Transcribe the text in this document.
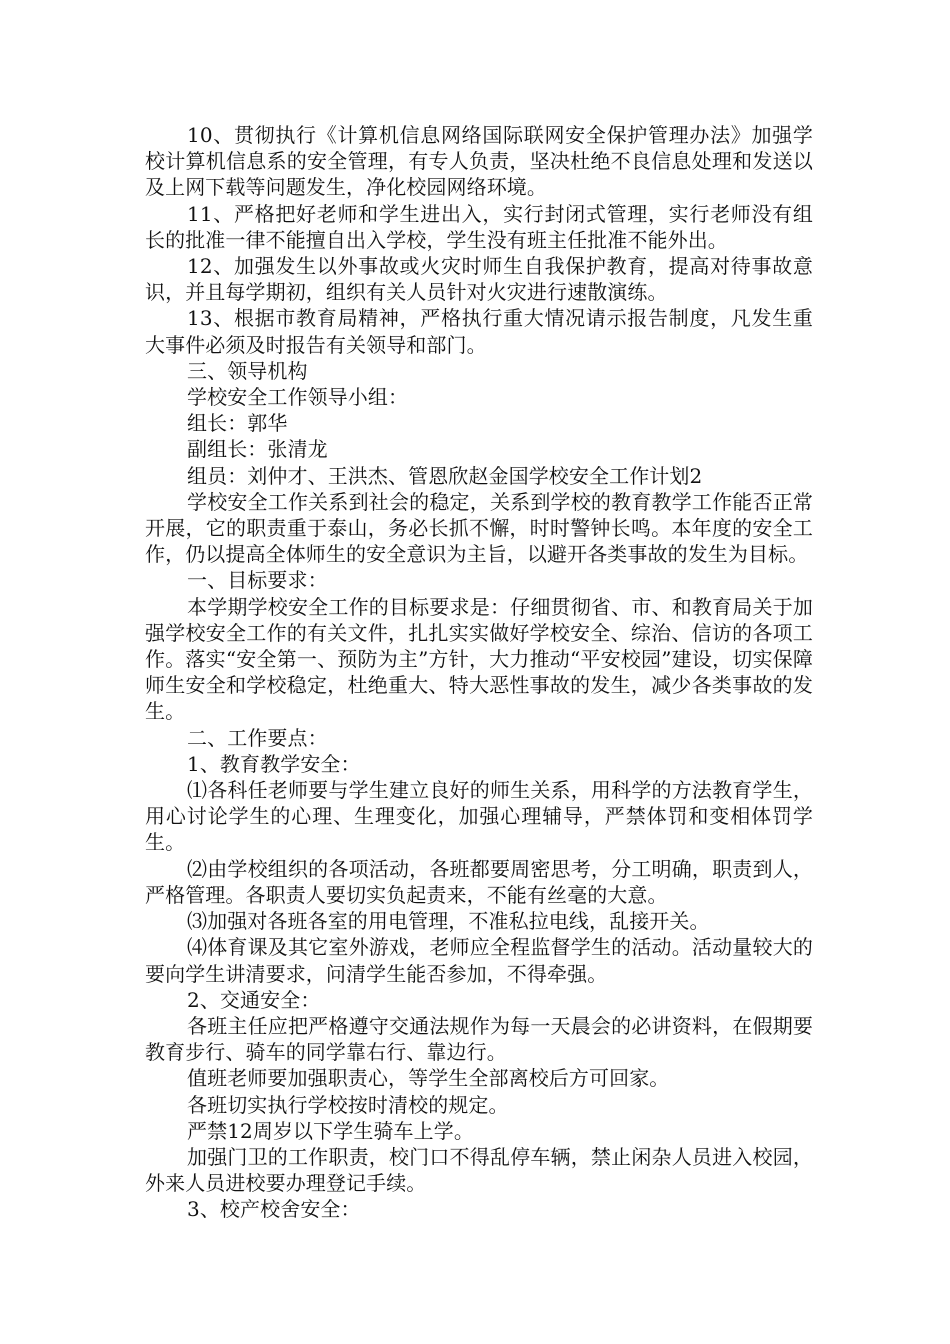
10、贯彻执行《计算机信息网络国际联网安全保护管理办法》加强学校计算机信息系的安全管理，有专人负责，坚决杜绝不良信息处理和发送以及上网下载等问题发生，净化校园网络环境。

11、严格把好老师和学生进出入，实行封闭式管理，实行老师没有组长的批准一律不能擅自出入学校，学生没有班主任批准不能外出。

12、加强发生以外事故或火灾时师生自我保护教育，提高对待事故意识，并且每学期初，组织有关人员针对火灾进行速散演练。

13、根据市教育局精神，严格执行重大情况请示报告制度，凡发生重大事件必须及时报告有关领导和部门。

三、领导机构

学校安全工作领导小组：

组长：郭华

副组长：张清龙

组员：刘仲才、王洪杰、管恩欣赵金国学校安全工作计划2

学校安全工作关系到社会的稳定，关系到学校的教育教学工作能否正常开展，它的职责重于泰山，务必长抓不懈，时时警钟长鸣。本年度的安全工作，仍以提高全体师生的安全意识为主旨，以避开各类事故的发生为目标。

一、目标要求：

本学期学校安全工作的目标要求是：仔细贯彻省、市、和教育局关于加强学校安全工作的有关文件，扎扎实实做好学校安全、综治、信访的各项工作。落实“安全第一、预防为主”方针，大力推动“平安校园”建设，切实保障师生安全和学校稳定，杜绝重大、特大恶性事故的发生，减少各类事故的发生。

二、工作要点：

1、教育教学安全：

⑴各科任老师要与学生建立良好的师生关系，用科学的方法教育学生，用心讨论学生的心理、生理变化，加强心理辅导，严禁体罚和变相体罚学生。

⑵由学校组织的各项活动，各班都要周密思考，分工明确，职责到人，严格管理。各职责人要切实负起责来，不能有丝毫的大意。

⑶加强对各班各室的用电管理，不准私拉电线，乱接开关。

⑷体育课及其它室外游戏，老师应全程监督学生的活动。活动量较大的要向学生讲清要求，问清学生能否参加，不得牵强。

2、交通安全：

各班主任应把严格遵守交通法规作为每一天晨会的必讲资料，在假期要教育步行、骑车的同学靠右行、靠边行。

值班老师要加强职责心，等学生全部离校后方可回家。

各班切实执行学校按时清校的规定。

严禁12周岁以下学生骑车上学。

加强门卫的工作职责，校门口不得乱停车辆，禁止闲杂人员进入校园，外来人员进校要办理登记手续。

3、校产校舍安全：
